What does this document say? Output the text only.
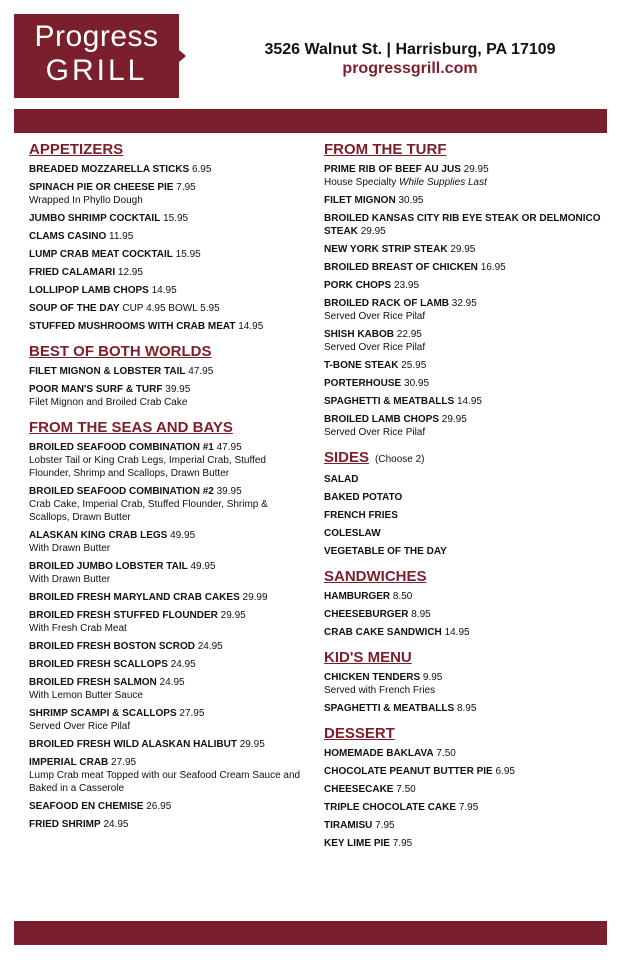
Progress
GRILL
3526 Walnut St. | Harrisburg, PA 17109
progressgrill.com
APPETIZERS
BREADED MOZZARELLA STICKS 6.95
SPINACH PIE OR CHEESE PIE 7.95
Wrapped In Phyllo Dough
JUMBO SHRIMP COCKTAIL 15.95
CLAMS CASINO 11.95
LUMP CRAB MEAT COCKTAIL 15.95
FRIED CALAMARI 12.95
LOLLIPOP LAMB CHOPS 14.95
SOUP OF THE DAY CUP 4.95 BOWL 5.95
STUFFED MUSHROOMS WITH CRAB MEAT 14.95
BEST OF BOTH WORLDS
FILET MIGNON & LOBSTER TAIL 47.95
POOR MAN'S SURF & TURF 39.95
Filet Mignon and Broiled Crab Cake
FROM THE SEAS AND BAYS
BROILED SEAFOOD COMBINATION #1 47.95
Lobster Tail or King Crab Legs, Imperial Crab, Stuffed Flounder, Shrimp and Scallops, Drawn Butter
BROILED SEAFOOD COMBINATION #2 39.95
Crab Cake, Imperial Crab, Stuffed Flounder, Shrimp & Scallops, Drawn Butter
ALASKAN KING CRAB LEGS 49.95
With Drawn Butter
BROILED JUMBO LOBSTER TAIL 49.95
With Drawn Butter
BROILED FRESH MARYLAND CRAB CAKES 29.99
BROILED FRESH STUFFED FLOUNDER 29.95
With Fresh Crab Meat
BROILED FRESH BOSTON SCROD 24.95
BROILED FRESH SCALLOPS 24.95
BROILED FRESH SALMON 24.95
With Lemon Butter Sauce
SHRIMP SCAMPI & SCALLOPS 27.95
Served Over Rice Pilaf
BROILED FRESH WILD ALASKAN HALIBUT 29.95
IMPERIAL CRAB 27.95
Lump Crab meat Topped with our Seafood Cream Sauce and Baked in a Casserole
SEAFOOD EN CHEMISE 26.95
FRIED SHRIMP 24.95
FROM THE TURF
PRIME RIB OF BEEF AU JUS 29.95
House Specialty While Supplies Last
FILET MIGNON 30.95
BROILED KANSAS CITY RIB EYE STEAK OR DELMONICO STEAK 29.95
NEW YORK STRIP STEAK 29.95
BROILED BREAST OF CHICKEN 16.95
PORK CHOPS 23.95
BROILED RACK OF LAMB 32.95
Served Over Rice Pilaf
SHISH KABOB 22.95
Served Over Rice Pilaf
T-BONE STEAK 25.95
PORTERHOUSE 30.95
SPAGHETTI & MEATBALLS 14.95
BROILED LAMB CHOPS 29.95
Served Over Rice Pilaf
SIDES (Choose 2)
SALAD
BAKED POTATO
FRENCH FRIES
COLESLAW
VEGETABLE OF THE DAY
SANDWICHES
HAMBURGER 8.50
CHEESEBURGER 8.95
CRAB CAKE SANDWICH 14.95
KID'S MENU
CHICKEN TENDERS 9.95
Served with French Fries
SPAGHETTI & MEATBALLS 8.95
DESSERT
HOMEMADE BAKLAVA 7.50
CHOCOLATE PEANUT BUTTER PIE 6.95
CHEESECAKE 7.50
TRIPLE CHOCOLATE CAKE 7.95
TIRAMISU 7.95
KEY LIME PIE 7.95
